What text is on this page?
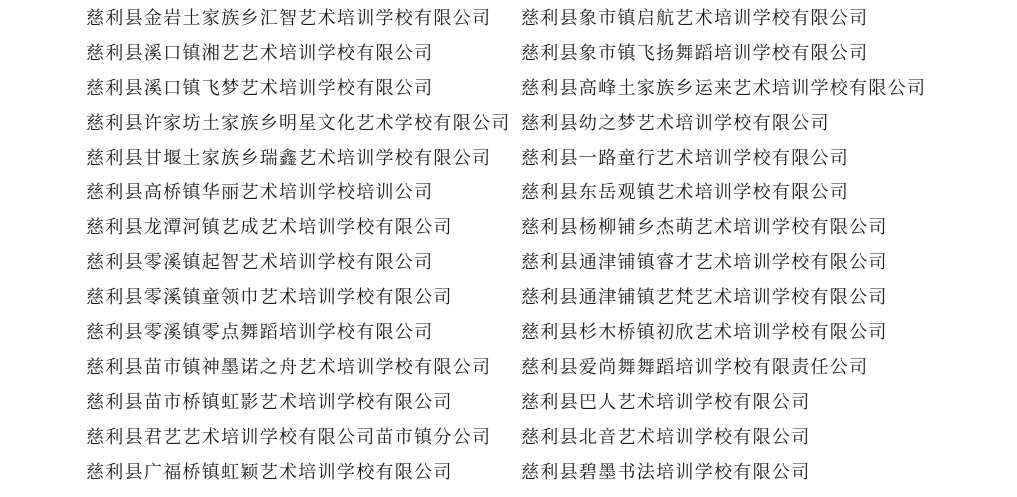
慈利县金岩土家族乡汇智艺术培训学校有限公司
慈利县溪口镇湘艺艺术培训学校有限公司
慈利县溪口镇飞梦艺术培训学校有限公司
慈利县许家坊土家族乡明星文化艺术学校有限公司
慈利县甘堰土家族乡瑞鑫艺术培训学校有限公司
慈利县高桥镇华丽艺术培训学校培训公司
慈利县龙潭河镇艺成艺术培训学校有限公司
慈利县零溪镇起智艺术培训学校有限公司
慈利县零溪镇童领巾艺术培训学校有限公司
慈利县零溪镇零点舞蹈培训学校有限公司
慈利县苗市镇神墨诺之舟艺术培训学校有限公司
慈利县苗市桥镇虹影艺术培训学校有限公司
慈利县君艺艺术培训学校有限公司苗市镇分公司
慈利县广福桥镇虹颖艺术培训学校有限公司
慈利县象市镇启航艺术培训学校有限公司
慈利县象市镇飞扬舞蹈培训学校有限公司
慈利县高峰土家族乡运来艺术培训学校有限公司
慈利县幼之梦艺术培训学校有限公司
慈利县一路童行艺术培训学校有限公司
慈利县东岳观镇艺术培训学校有限公司
慈利县杨柳铺乡杰萌艺术培训学校有限公司
慈利县通津铺镇睿才艺术培训学校有限公司
慈利县通津铺镇艺梵艺术培训学校有限公司
慈利县杉木桥镇初欣艺术培训学校有限公司
慈利县爱尚舞舞蹈培训学校有限责任公司
慈利县巴人艺术培训学校有限公司
慈利县北音艺术培训学校有限公司
慈利县碧墨书法培训学校有限公司
